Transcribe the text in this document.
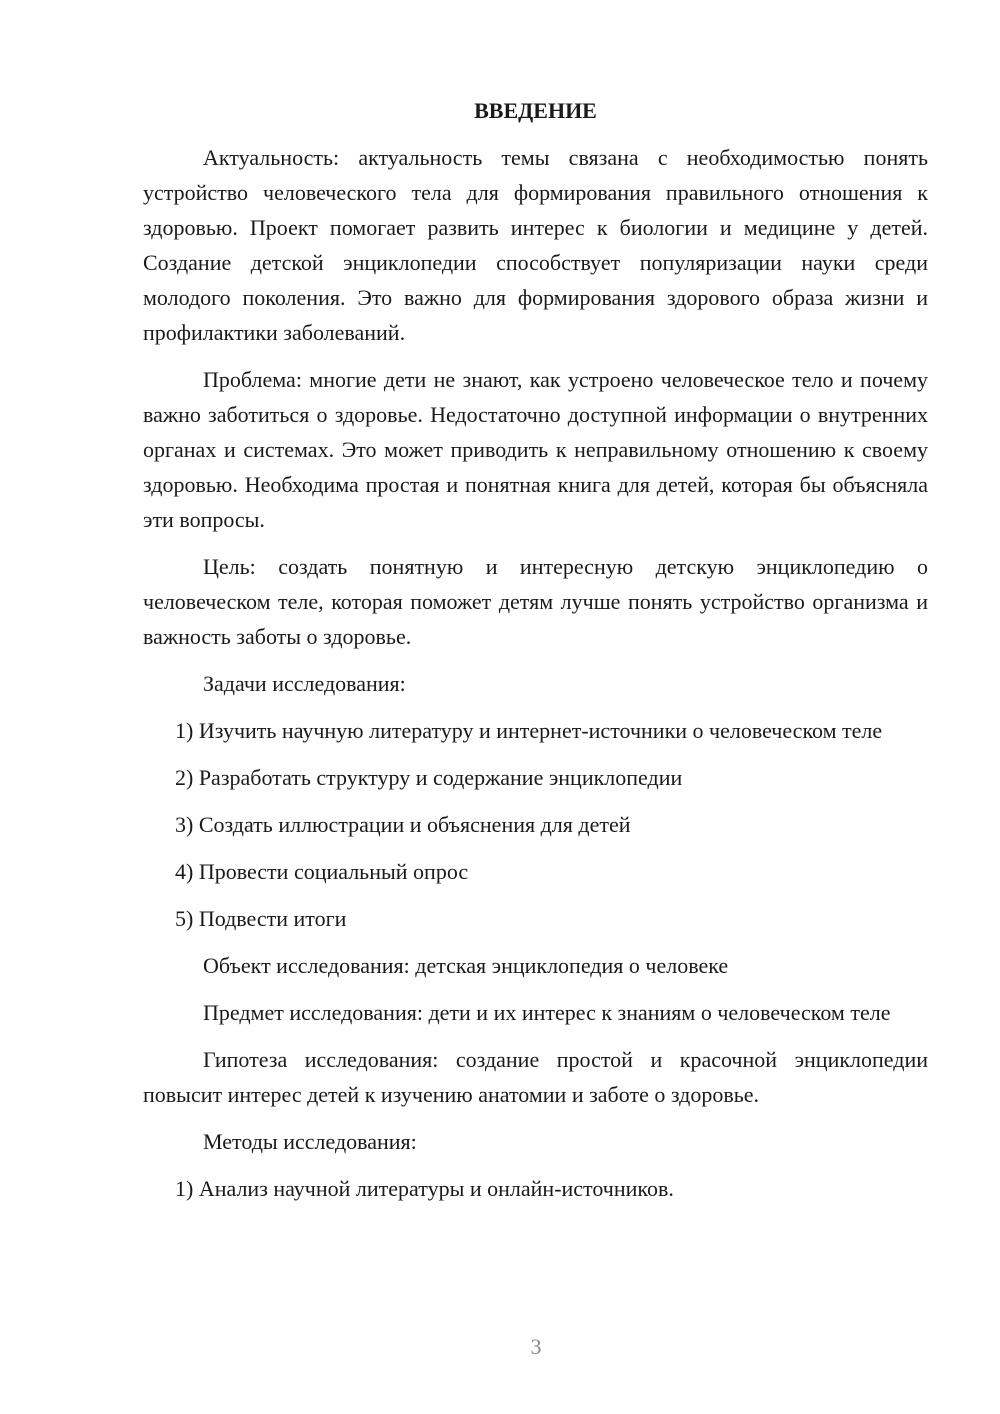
ВВЕДЕНИЕ

Актуальность: актуальность темы связана с необходимостью понять устройство человеческого тела для формирования правильного отношения к здоровью. Проект помогает развить интерес к биологии и медицине у детей. Создание детской энциклопедии способствует популяризации науки среди молодого поколения. Это важно для формирования здорового образа жизни и профилактики заболеваний.

Проблема: многие дети не знают, как устроено человеческое тело и почему важно заботиться о здоровье. Недостаточно доступной информации о внутренних органах и системах. Это может приводить к неправильному отношению к своему здоровью. Необходима простая и понятная книга для детей, которая бы объясняла эти вопросы.

Цель: создать понятную и интересную детскую энциклопедию о человеческом теле, которая поможет детям лучше понять устройство организма и важность заботы о здоровье.

Задачи исследования:

1) Изучить научную литературу и интернет-источники о человеческом теле

2) Разработать структуру и содержание энциклопедии

3) Создать иллюстрации и объяснения для детей

4) Провести социальный опрос

5) Подвести итоги

Объект исследования: детская энциклопедия о человеке

Предмет исследования: дети и их интерес к знаниям о человеческом теле

Гипотеза исследования: создание простой и красочной энциклопедии повысит интерес детей к изучению анатомии и заботе о здоровье.

Методы исследования:

1) Анализ научной литературы и онлайн-источников.

3
